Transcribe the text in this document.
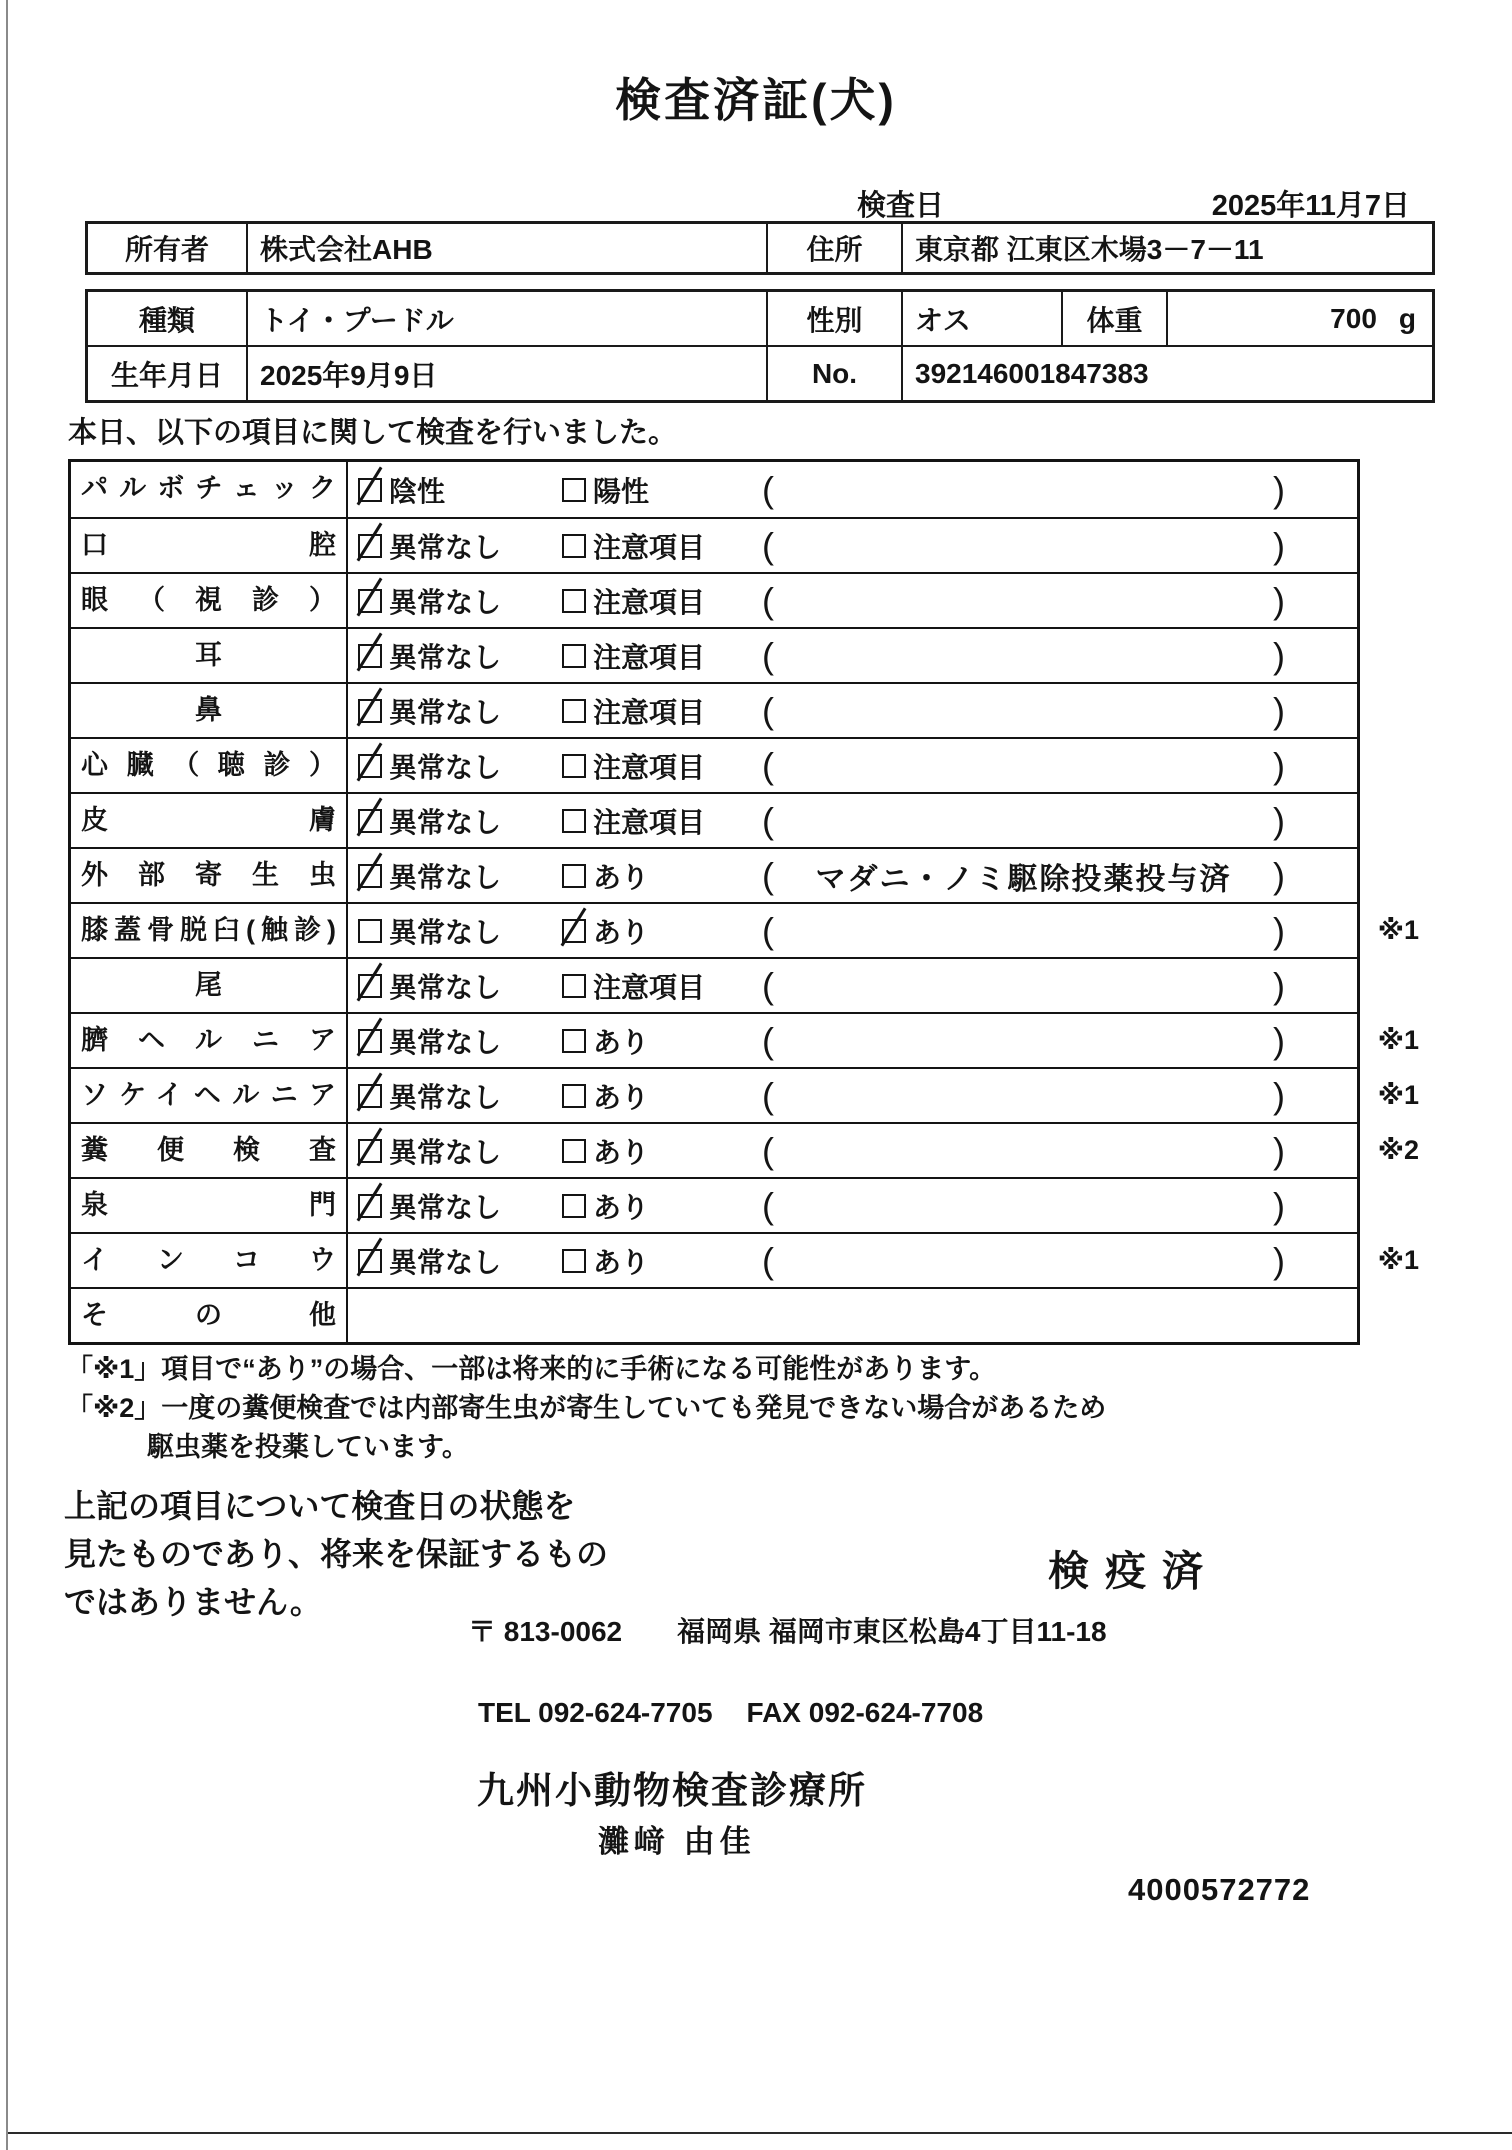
検査済証(犬)
検査日	2025年11月7日
所有者	株式会社AHB	住所	東京都 江東区木場3－7－11
種類	トイ・プードル	性別	オス	体重	700 g
生年月日	2025年9月9日	No.	392146001847383
本日、以下の項目に関して検査を行いました。
パルボチェック	陰性	陽性	(	)
口腔	異常なし	注意項目 (	)
眼（視診）	異常なし	注意項目 (	)
耳	異常なし	注意項目 (	)
鼻	異常なし	注意項目 (	)
心臓（聴診）	異常なし	注意項目 (	)
皮膚	異常なし	注意項目 (	)
外部寄生虫	異常なし	あり	(	マダニ・ノミ駆除投薬投与済	)
膝蓋骨脱臼(触診)	異常なし	あり	(	)	※1
尾	異常なし	注意項目 (	)
臍ヘルニア	異常なし	あり	(	)	※1
ソケイヘルニア	異常なし	あり	(	)	※1
糞便検査	異常なし	あり	(	)	※2
泉門	異常なし	あり	(	)
インコウ	異常なし	あり	(	)	※1
その他
「※1」項目で“あり”の場合、一部は将来的に手術になる可能性があります。
「※2」一度の糞便検査では内部寄生虫が寄生していても発見できない場合があるため
　　　駆虫薬を投薬しています。
上記の項目について検査日の状態を
見たものであり、将来を保証するもの
ではありません。
検疫済
〒 813-0062 福岡県 福岡市東区松島4丁目11-18
TEL 092-624-7705 FAX 092-624-7708
九州小動物検査診療所
灘﨑 由佳
4000572772
